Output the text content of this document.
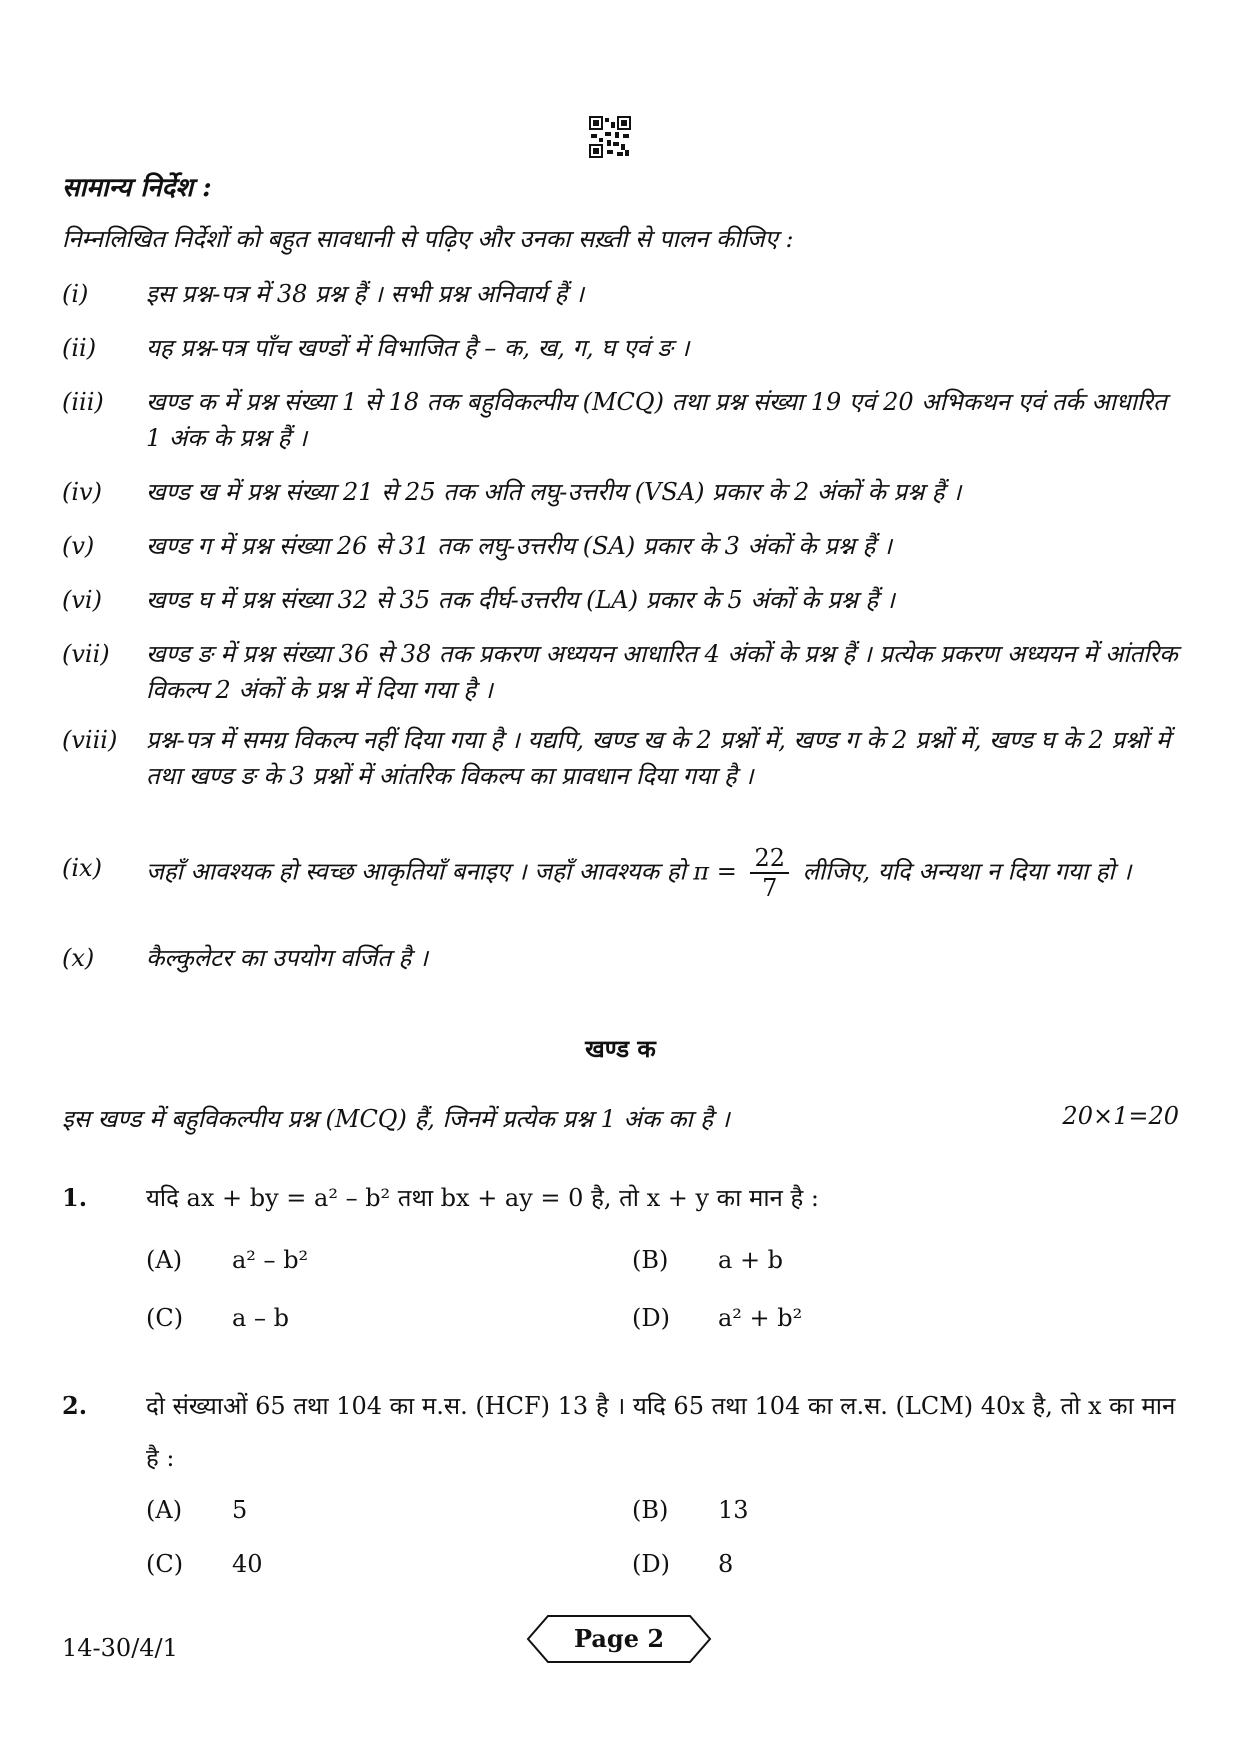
सामान्य निर्देश :
निम्नलिखित निर्देशों को बहुत सावधानी से पढ़िए और उनका सख़्ती से पालन कीजिए :
(i)	इस प्रश्न-पत्र में 38 प्रश्न हैं । सभी प्रश्न अनिवार्य हैं ।
(ii)	यह प्रश्न-पत्र पाँच खण्डों में विभाजित है – क, ख, ग, घ एवं ङ ।
(iii)	खण्ड क में प्रश्न संख्या 1 से 18 तक बहुविकल्पीय (MCQ) तथा प्रश्न संख्या 19 एवं 20 अभिकथन एवं तर्क आधारित 1 अंक के प्रश्न हैं ।
(iv)	खण्ड ख में प्रश्न संख्या 21 से 25 तक अति लघु-उत्तरीय (VSA) प्रकार के 2 अंकों के प्रश्न हैं ।
(v)	खण्ड ग में प्रश्न संख्या 26 से 31 तक लघु-उत्तरीय (SA) प्रकार के 3 अंकों के प्रश्न हैं ।
(vi)	खण्ड घ में प्रश्न संख्या 32 से 35 तक दीर्घ-उत्तरीय (LA) प्रकार के 5 अंकों के प्रश्न हैं ।
(vii)	खण्ड ङ में प्रश्न संख्या 36 से 38 तक प्रकरण अध्ययन आधारित 4 अंकों के प्रश्न हैं । प्रत्येक प्रकरण अध्ययन में आंतरिक विकल्प 2 अंकों के प्रश्न में दिया गया है ।
(viii)	प्रश्न-पत्र में समग्र विकल्प नहीं दिया गया है । यद्यपि, खण्ड ख के 2 प्रश्नों में, खण्ड ग के 2 प्रश्नों में, खण्ड घ के 2 प्रश्नों में तथा खण्ड ङ के 3 प्रश्नों में आंतरिक विकल्प का प्रावधान दिया गया है ।
(ix)	जहाँ आवश्यक हो स्वच्छ आकृतियाँ बनाइए । जहाँ आवश्यक हो $\pi = \frac{22}{7}$ लीजिए, यदि अन्यथा न दिया गया हो ।
(x)	कैल्कुलेटर का उपयोग वर्जित है ।
खण्ड क
इस खण्ड में बहुविकल्पीय प्रश्न (MCQ) हैं, जिनमें प्रत्येक प्रश्न 1 अंक का है ।	20×1=20
1. यदि ax + by = a² – b² तथा bx + ay = 0 है, तो x + y का मान है :
(A) a² – b²	(B) a + b
(C) a – b	(D) a² + b²
2. दो संख्याओं 65 तथा 104 का म.स. (HCF) 13 है । यदि 65 तथा 104 का ल.स. (LCM) 40x है, तो x का मान है :
(A) 5	(B) 13
(C) 40	(D) 8
14-30/4/1	Page 2
